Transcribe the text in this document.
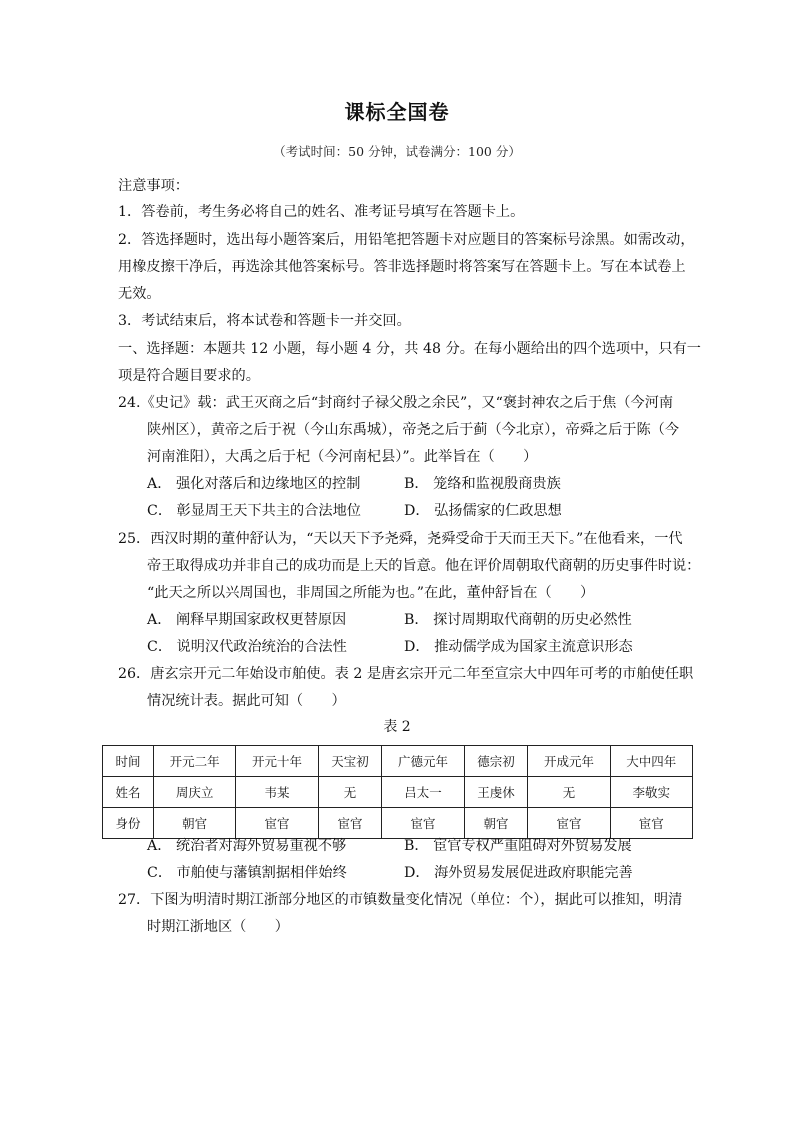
课标全国卷
（考试时间：50 分钟，试卷满分：100 分）
注意事项：
1．答卷前，考生务必将自己的姓名、准考证号填写在答题卡上。
2．答选择题时，选出每小题答案后，用铅笔把答题卡对应题目的答案标号涂黑。如需改动，
用橡皮擦干净后，再选涂其他答案标号。答非选择题时将答案写在答题卡上。写在本试卷上
无效。
3．考试结束后，将本试卷和答题卡一并交回。
一、选择题：本题共 12 小题，每小题 4 分，共 48 分。在每小题给出的四个选项中，只有一
项是符合题目要求的。
24.《史记》载：武王灭商之后“封商纣子禄父殷之余民”，又“褒封神农之后于焦（今河南
陕州区），黄帝之后于祝（今山东禹城），帝尧之后于蓟（今北京），帝舜之后于陈（今
河南淮阳），大禹之后于杞（今河南杞县）”。此举旨在（　　）
A． 强化对落后和边缘地区的控制	B． 笼络和监视殷商贵族
C． 彰显周王天下共主的合法地位	D． 弘扬儒家的仁政思想
25．西汉时期的董仲舒认为，“天以天下予尧舜，尧舜受命于天而王天下。”在他看来，一代
帝王取得成功并非自己的成功而是上天的旨意。他在评价周朝取代商朝的历史事件时说：
“此天之所以兴周国也，非周国之所能为也。”在此，董仲舒旨在（　　）
A． 阐释早期国家政权更替原因	B． 探讨周期取代商朝的历史必然性
C． 说明汉代政治统治的合法性	D． 推动儒学成为国家主流意识形态
26．唐玄宗开元二年始设市舶使。表 2 是唐玄宗开元二年至宣宗大中四年可考的市舶使任职
情况统计表。据此可知（　　）
表 2
时间	开元二年	开元十年	天宝初	广德元年	德宗初	开成元年	大中四年
姓名	周庆立	韦某	无	吕太一	王虔休	无	李敬实
身份	朝官	宦官	宦官	宦官	朝官	宦官	宦官
A． 统治者对海外贸易重视不够	B． 宦官专权严重阻碍对外贸易发展
C． 市舶使与藩镇割据相伴始终	D． 海外贸易发展促进政府职能完善
27．下图为明清时期江浙部分地区的市镇数量变化情况（单位：个），据此可以推知，明清
时期江浙地区（　　）
